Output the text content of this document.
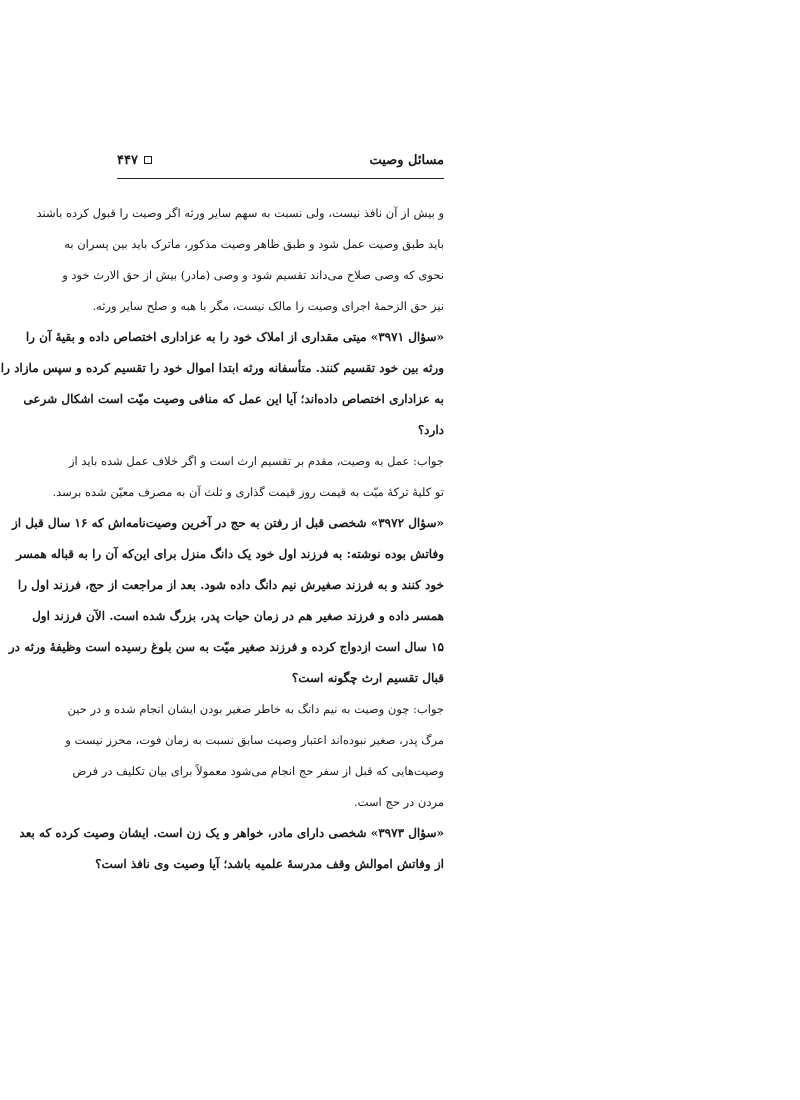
مسائل وصیت
۴۴۷
و بیش از آن نافذ نیست، ولی نسبت به سهم سایر ورثه اگر وصیت را قبول کرده باشند
باید طبق وصیت عمل شود و طبق ظاهر وصیت مذکور، ماترک باید بین پسران به
نحوی که وصی صلاح می‌داند تقسیم شود و وصی (مادر) بیش از حق الارث خود و
نیز حق الزحمهٔ اجرای وصیت را مالک نیست، مگر با هبه و صلح سایر ورثه.
«سؤال ۳۹۷۱» میتی مقداری از املاک خود را به عزاداری اختصاص داده و بقیهٔ آن را
ورثه بین خود تقسیم کنند. متأسفانه ورثه ابتدا اموال خود را تقسیم کرده و سپس مازاد را
به عزاداری اختصاص داده‌اند؛ آیا این عمل که منافی وصیت میّت است اشکال شرعی
دارد؟
جواب: عمل به وصیت، مقدم بر تقسیم ارث است و اگر خلاف عمل شده باید از
تو کلیهٔ ترکهٔ میّت به قیمت روز قیمت گذاری و ثلث آن به مصرف معیّن شده برسد.
«سؤال ۳۹۷۲» شخصی قبل از رفتن به حج در آخرین وصیت‌نامه‌اش که ۱۶ سال قبل از
وفاتش بوده نوشته: به فرزند اول خود یک دانگ منزل برای این‌که آن را به قباله همسر
خود کنند و به فرزند صغیرش نیم دانگ داده شود. بعد از مراجعت از حج، فرزند اول را
همسر داده و فرزند صغیر هم در زمان حیات پدر، بزرگ شده است. الآن فرزند اول
۱۵ سال است ازدواج کرده و فرزند صغیر میّت به سن بلوغ رسیده است وظیفهٔ ورثه در
قبال تقسیم ارث چگونه است؟
جواب: چون وصیت به نیم دانگ به خاطر صغیر بودن ایشان انجام شده و در حین
مرگ پدر، صغیر نبوده‌اند اعتبار وصیت سابق نسبت به زمان فوت، محرز نیست و
وصیت‌هایی که قبل از سفر حج انجام می‌شود معمولاً برای بیان تکلیف در فرض
مردن در حج است.
«سؤال ۳۹۷۳» شخصی دارای مادر، خواهر و یک زن است. ایشان وصیت کرده که بعد
از وفاتش اموالش وقف مدرسهٔ علمیه باشد؛ آیا وصیت وی نافذ است؟
